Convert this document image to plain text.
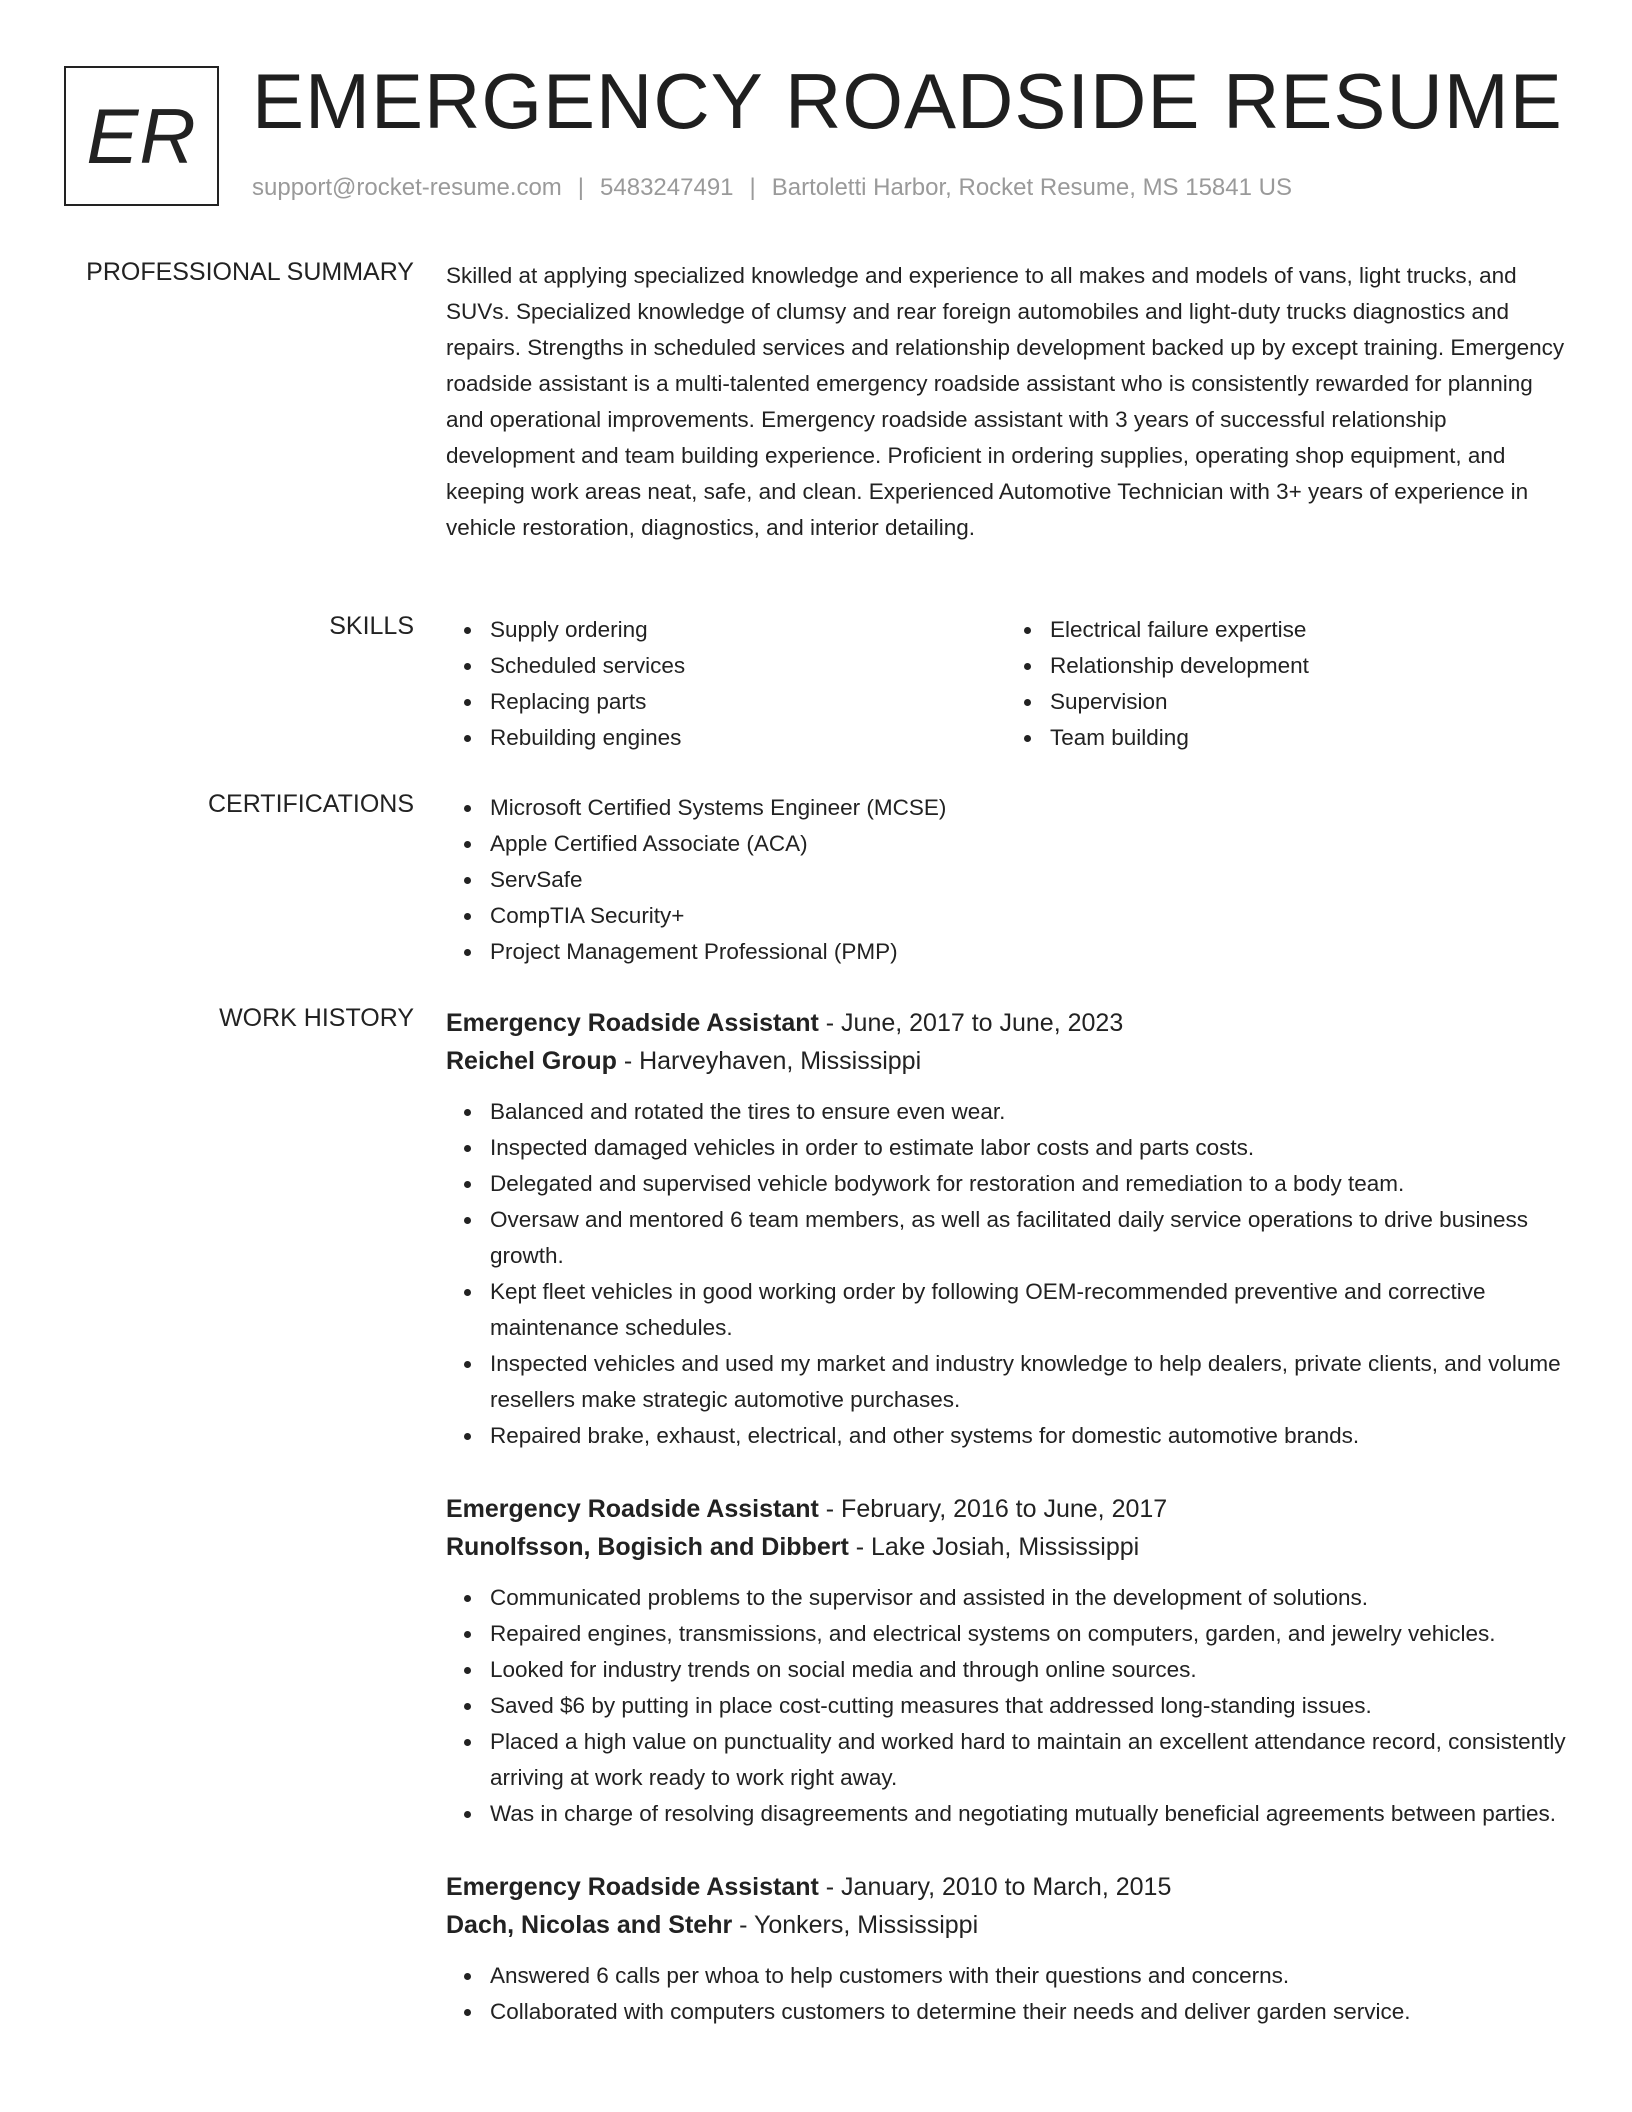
ER EMERGENCY ROADSIDE RESUME
support@rocket-resume.com | 5483247491 | Bartoletti Harbor, Rocket Resume, MS 15841 US
PROFESSIONAL SUMMARY Skilled at applying specialized knowledge and experience to all makes and models of vans, light trucks, and SUVs. Specialized knowledge of clumsy and rear foreign automobiles and light-duty trucks diagnostics and repairs. Strengths in scheduled services and relationship development backed up by except training. Emergency roadside assistant is a multi-talented emergency roadside assistant who is consistently rewarded for planning and operational improvements. Emergency roadside assistant with 3 years of successful relationship development and team building experience. Proficient in ordering supplies, operating shop equipment, and keeping work areas neat, safe, and clean. Experienced Automotive Technician with 3+ years of experience in vehicle restoration, diagnostics, and interior detailing.

SKILLS	Supply ordering
Scheduled services
Replacing parts
Rebuilding engines
Electrical failure expertise
Relationship development
Supervision
Team building
CERTIFICATIONS	Microsoft Certified Systems Engineer (MCSE)
Apple Certified Associate (ACA)
ServSafe
CompTIA Security+
Project Management Professional (PMP)
WORK HISTORY Emergency Roadside Assistant - June, 2017 to June, 2023
Reichel Group - Harveyhaven, Mississippi
Balanced and rotated the tires to ensure even wear.
Inspected damaged vehicles in order to estimate labor costs and parts costs.
Delegated and supervised vehicle bodywork for restoration and remediation to a body team.
Oversaw and mentored 6 team members, as well as facilitated daily service operations to drive business growth.
Kept fleet vehicles in good working order by following OEM-recommended preventive and corrective maintenance schedules.
Inspected vehicles and used my market and industry knowledge to help dealers, private clients, and volume resellers make strategic automotive purchases.
Repaired brake, exhaust, electrical, and other systems for domestic automotive brands.
Emergency Roadside Assistant - February, 2016 to June, 2017
Runolfsson, Bogisich and Dibbert - Lake Josiah, Mississippi
Communicated problems to the supervisor and assisted in the development of solutions.
Repaired engines, transmissions, and electrical systems on computers, garden, and jewelry vehicles.
Looked for industry trends on social media and through online sources.
Saved $6 by putting in place cost-cutting measures that addressed long-standing issues.
Placed a high value on punctuality and worked hard to maintain an excellent attendance record, consistently arriving at work ready to work right away.
Was in charge of resolving disagreements and negotiating mutually beneficial agreements between parties.
Emergency Roadside Assistant - January, 2010 to March, 2015
Dach, Nicolas and Stehr - Yonkers, Mississippi
Answered 6 calls per whoa to help customers with their questions and concerns.
Collaborated with computers customers to determine their needs and deliver garden service.
